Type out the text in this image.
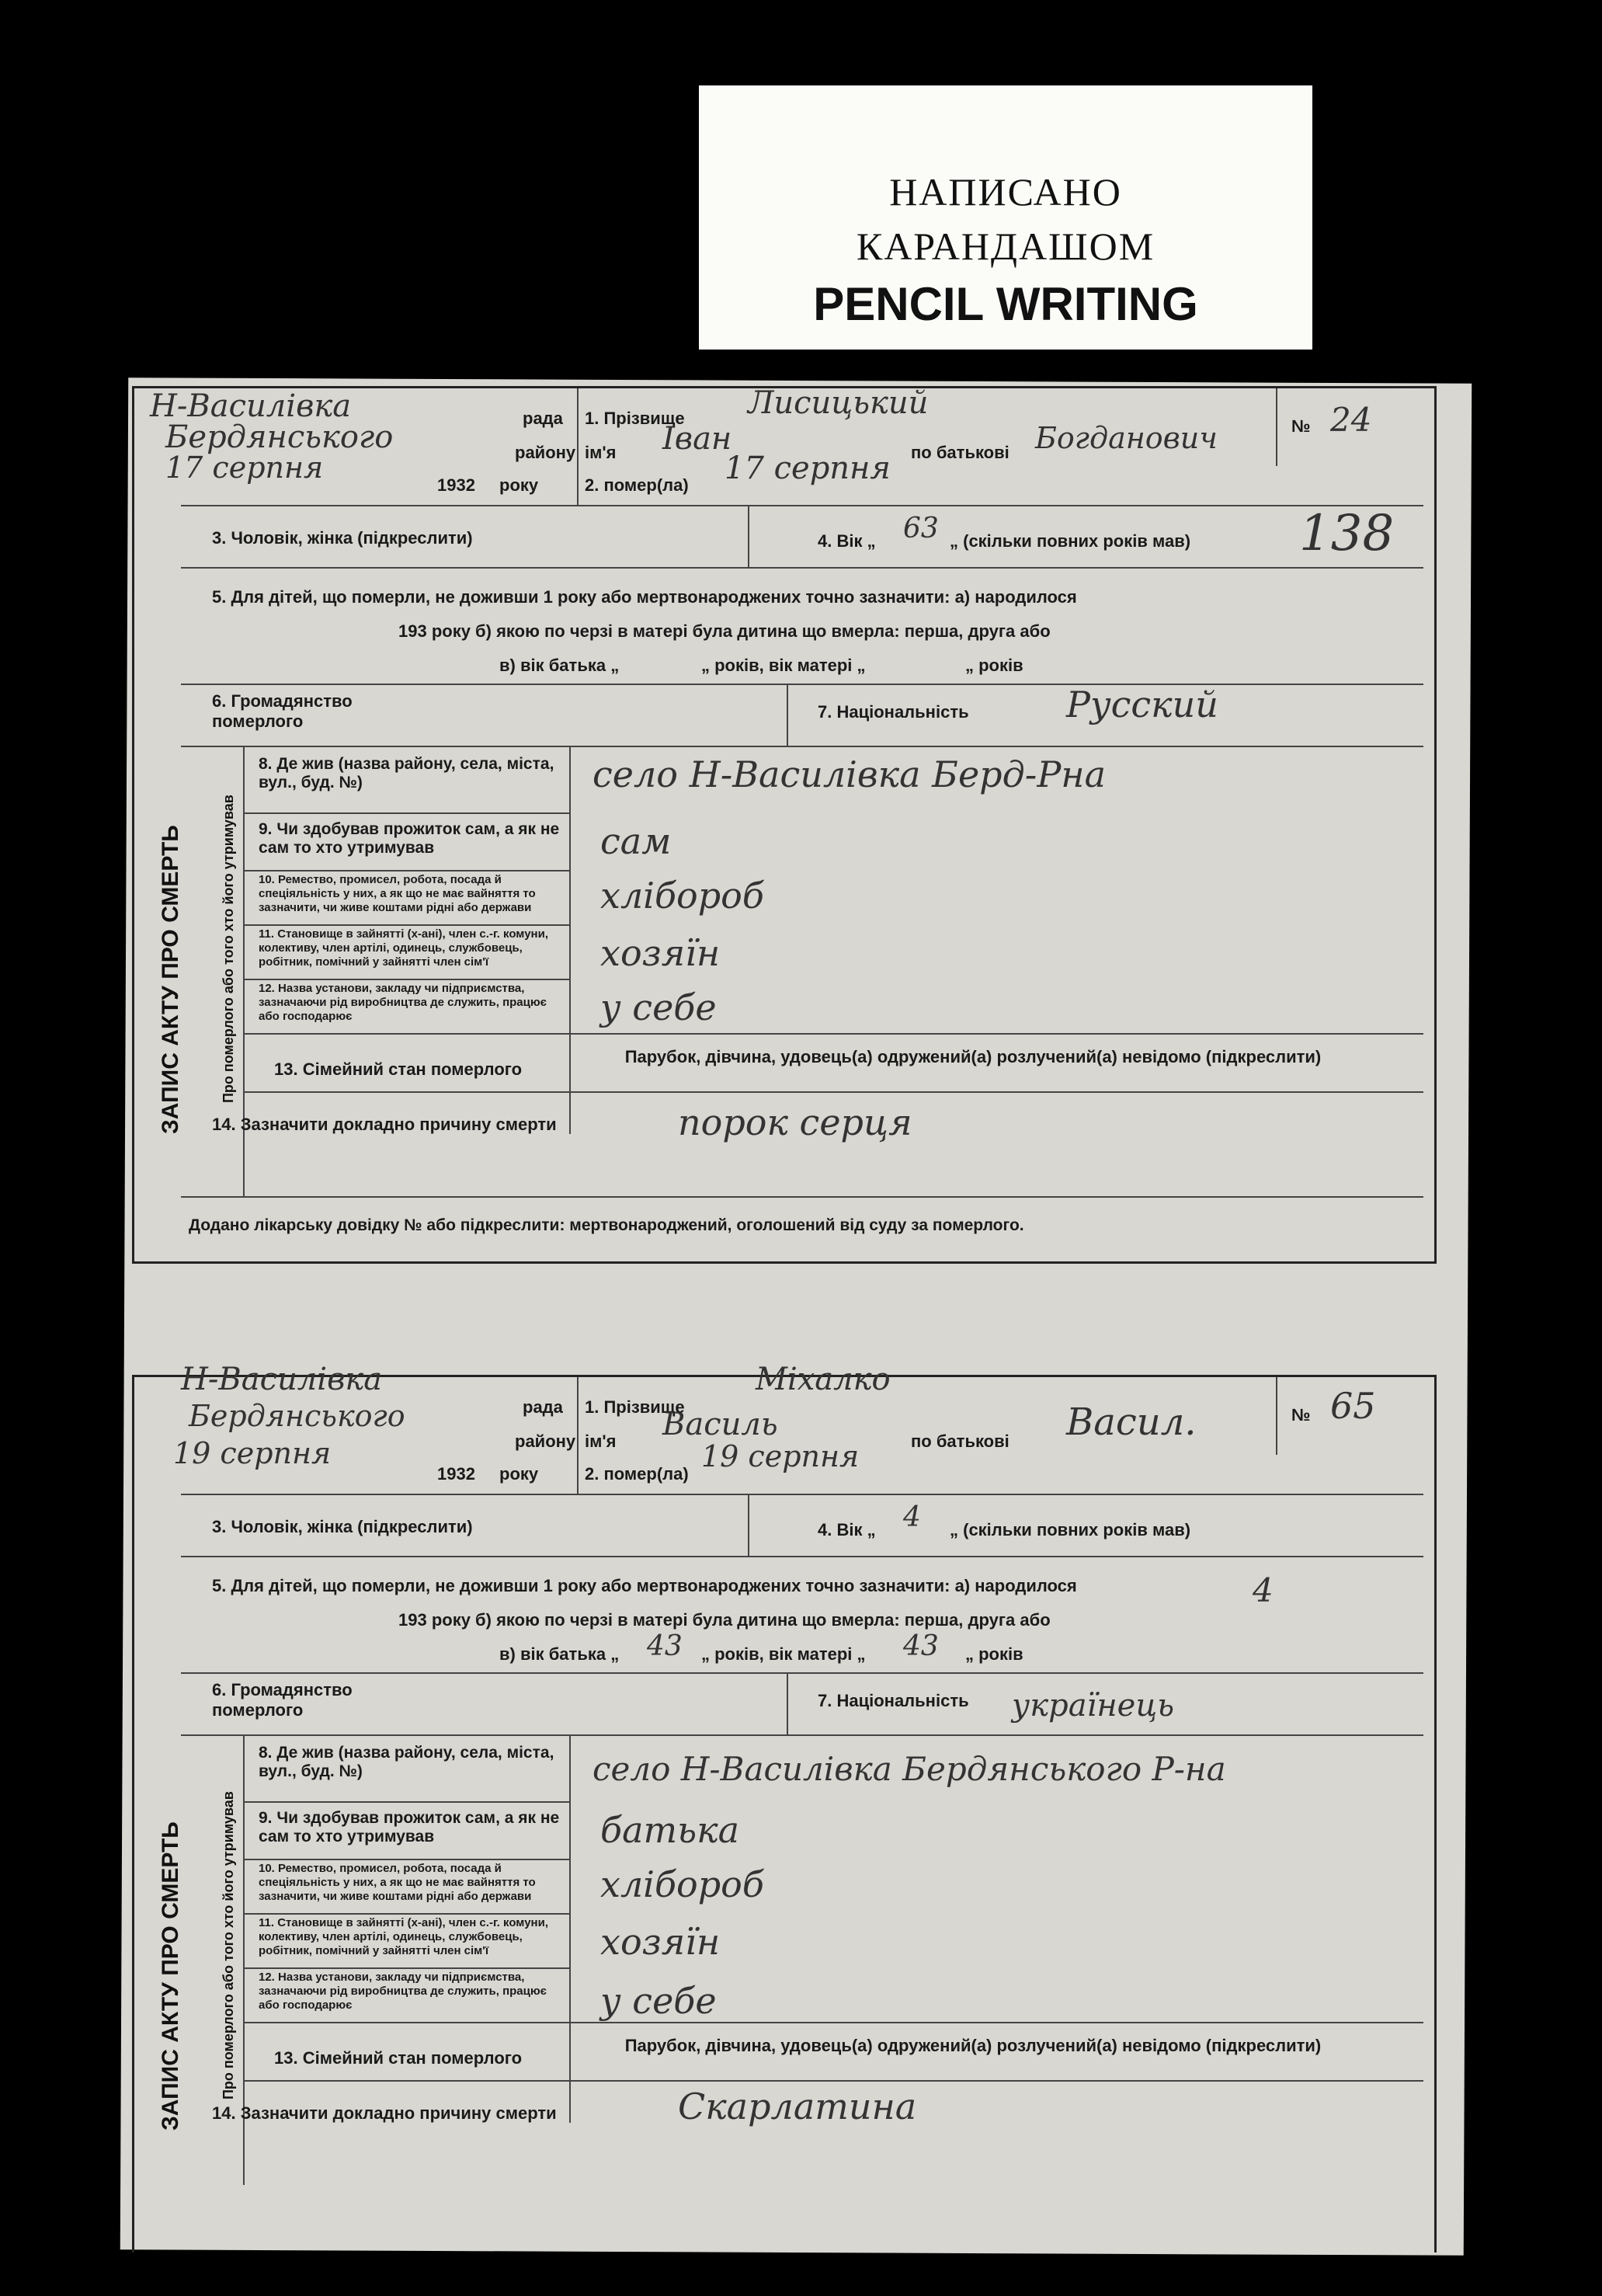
НАПИСАНО
КАРАНДАШОМ
PENCIL WRITING
Н-Василівка	рада
Бердянського	району
17 серпня
1932 року
1. Прізвище Лисицький
ім'я Іван	по батькові Богданович
2. помер(ла) 17 серпня
№ 24
3. Чоловік, жінка (підкреслити)	4. Вік „ 63 „ (скільки повних років мав) 138
5. Для дітей, що померли, не доживши 1 року або мертвонароджених точно зазначити: а) народилося
193 року б) якою по черзі в матері була дитина що вмерла: перша, друга або
в) вік батька „	„ років, вік матері „	„ років
6. Громадянство померлого	7. Національність	Русский
8. Де жив (назва району, села, міста, вул., буд. №)	село Н-Василівка Берд-Рна
9. Чи здобував прожиток сам, а як не сам то хто утримував	сам
10. Ремество, промисел, робота, посада й спеціяльність у них, а як що не має вайняття то зазначити, чи живе коштами рідні або держави	хлібороб
11. Становище в зайнятті (х-ані), член с.-г. комуни, колективу, член артілі, одинець, службовець, робітник, помічний у зайнятті член сім'ї	хозяїн
12. Назва установи, закладу чи підприємства, зазначаючи рід виробництва де служить, працює або господарює	у себе
13. Сімейний стан померлого
Парубок, дівчина, удовець(а) одружений(а) розлучений(а) невідомо (підкреслити)
14. Зазначити докладно причину смерти	порок серця
Додано лікарську довідку № або підкреслити: мертвонароджений, оголошений від суду за померлого.
ЗАПИС АКТУ ПРО СМЕРТЬ	Про померлого або того хто його утримував
Н-Василівка
рада
Бердянського
району
19 серпня
1932 року
1. Прізвище
Міхалко
ім'я Василь	по батькові Васил.
2. помер(ла)
19 серпня
№ 65
3. Чоловік, жінка (підкреслити)	4. Вік „ 4 „ (скільки повних років мав)
5. Для дітей, що померли, не доживши 1 року або мертвонароджених точно зазначити: а) народилося
193 року б) якою по черзі в матері була дитина що вмерла: перша, друга або
4
в) вік батька „ 43 „ років, вік матері „ 43 „ років
6. Громадянство померлого	7. Національність українець
8. Де жив (назва району, села, міста, вул., буд. №)	село Н-Василівка Бердянського Р-на
9. Чи здобував прожиток сам, а як не сам то хто утримував	батька
10. Ремество, промисел, робота, посада й спеціяльність у них, а як що не має вайняття то зазначити, чи живе коштами рідні або держави	хлібороб
11. Становище в зайнятті (х-ані), член с.-г. комуни, колективу, член артілі, одинець, службовець, робітник, помічний у зайнятті член сім'ї	хозяїн
12. Назва установи, закладу чи підприємства, зазначаючи рід виробництва де служить, працює або господарює	у себе
13. Сімейний стан померлого
Парубок, дівчина, удовець(а) одружений(а) розлучений(а) невідомо (підкреслити)
14. Зазначити докладно причину смерти	Скарлатина
ЗАПИС АКТУ ПРО СМЕРТЬ	Про померлого або того хто його утримував
